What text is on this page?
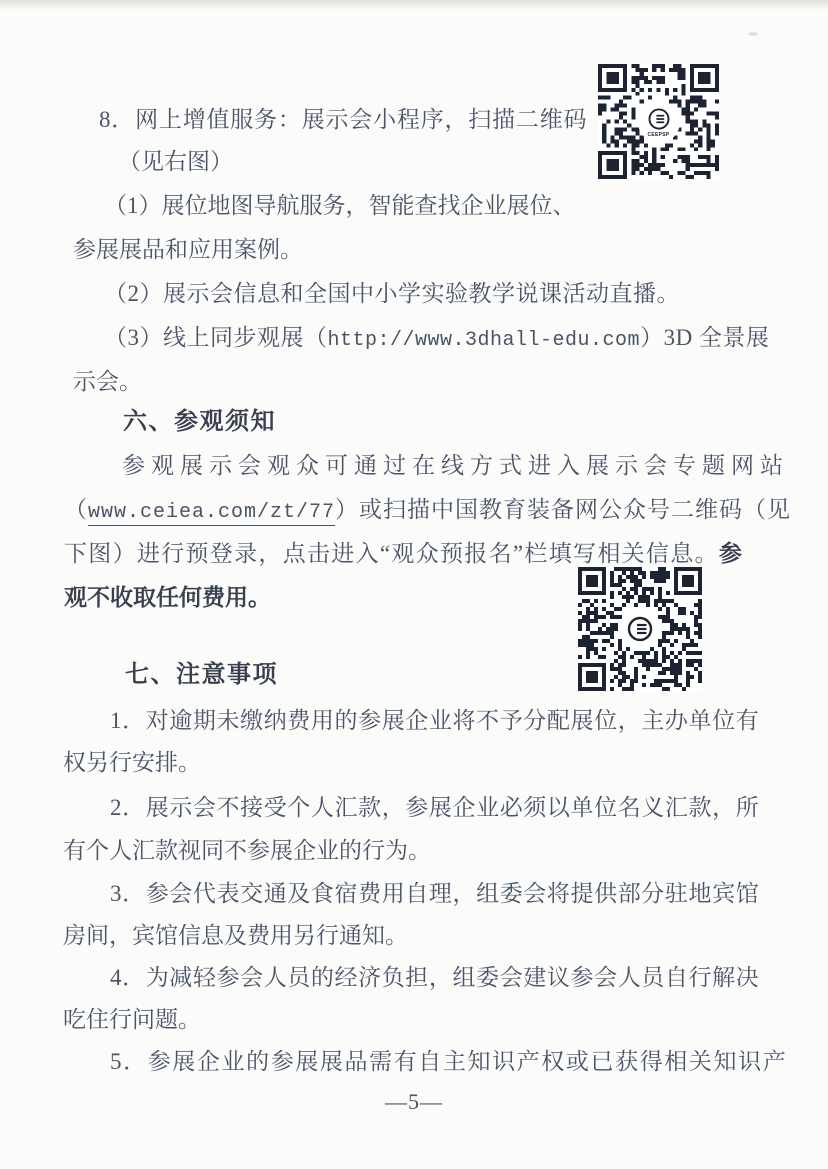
8．网上增值服务：展示会小程序，扫描二维码
（见右图）
CEEPSP
（1）展位地图导航服务，智能查找企业展位、
参展展品和应用案例。
（2）展示会信息和全国中小学实验教学说课活动直播。
（3）线上同步观展（http://www.3dhall-edu.com）3D 全景展
示会。
六、参观须知
参观展示会观众可通过在线方式进入展示会专题网站
（www.ceiea.com/zt/77）或扫描中国教育装备网公众号二维码（见
下图）进行预登录，点击进入“观众预报名”栏填写相关信息。参
观不收取任何费用。
七、注意事项
1．对逾期未缴纳费用的参展企业将不予分配展位，主办单位有
权另行安排。
2．展示会不接受个人汇款，参展企业必须以单位名义汇款，所
有个人汇款视同不参展企业的行为。
3．参会代表交通及食宿费用自理，组委会将提供部分驻地宾馆
房间，宾馆信息及费用另行通知。
4．为减轻参会人员的经济负担，组委会建议参会人员自行解决
吃住行问题。
5．参展企业的参展展品需有自主知识产权或已获得相关知识产
—5—
